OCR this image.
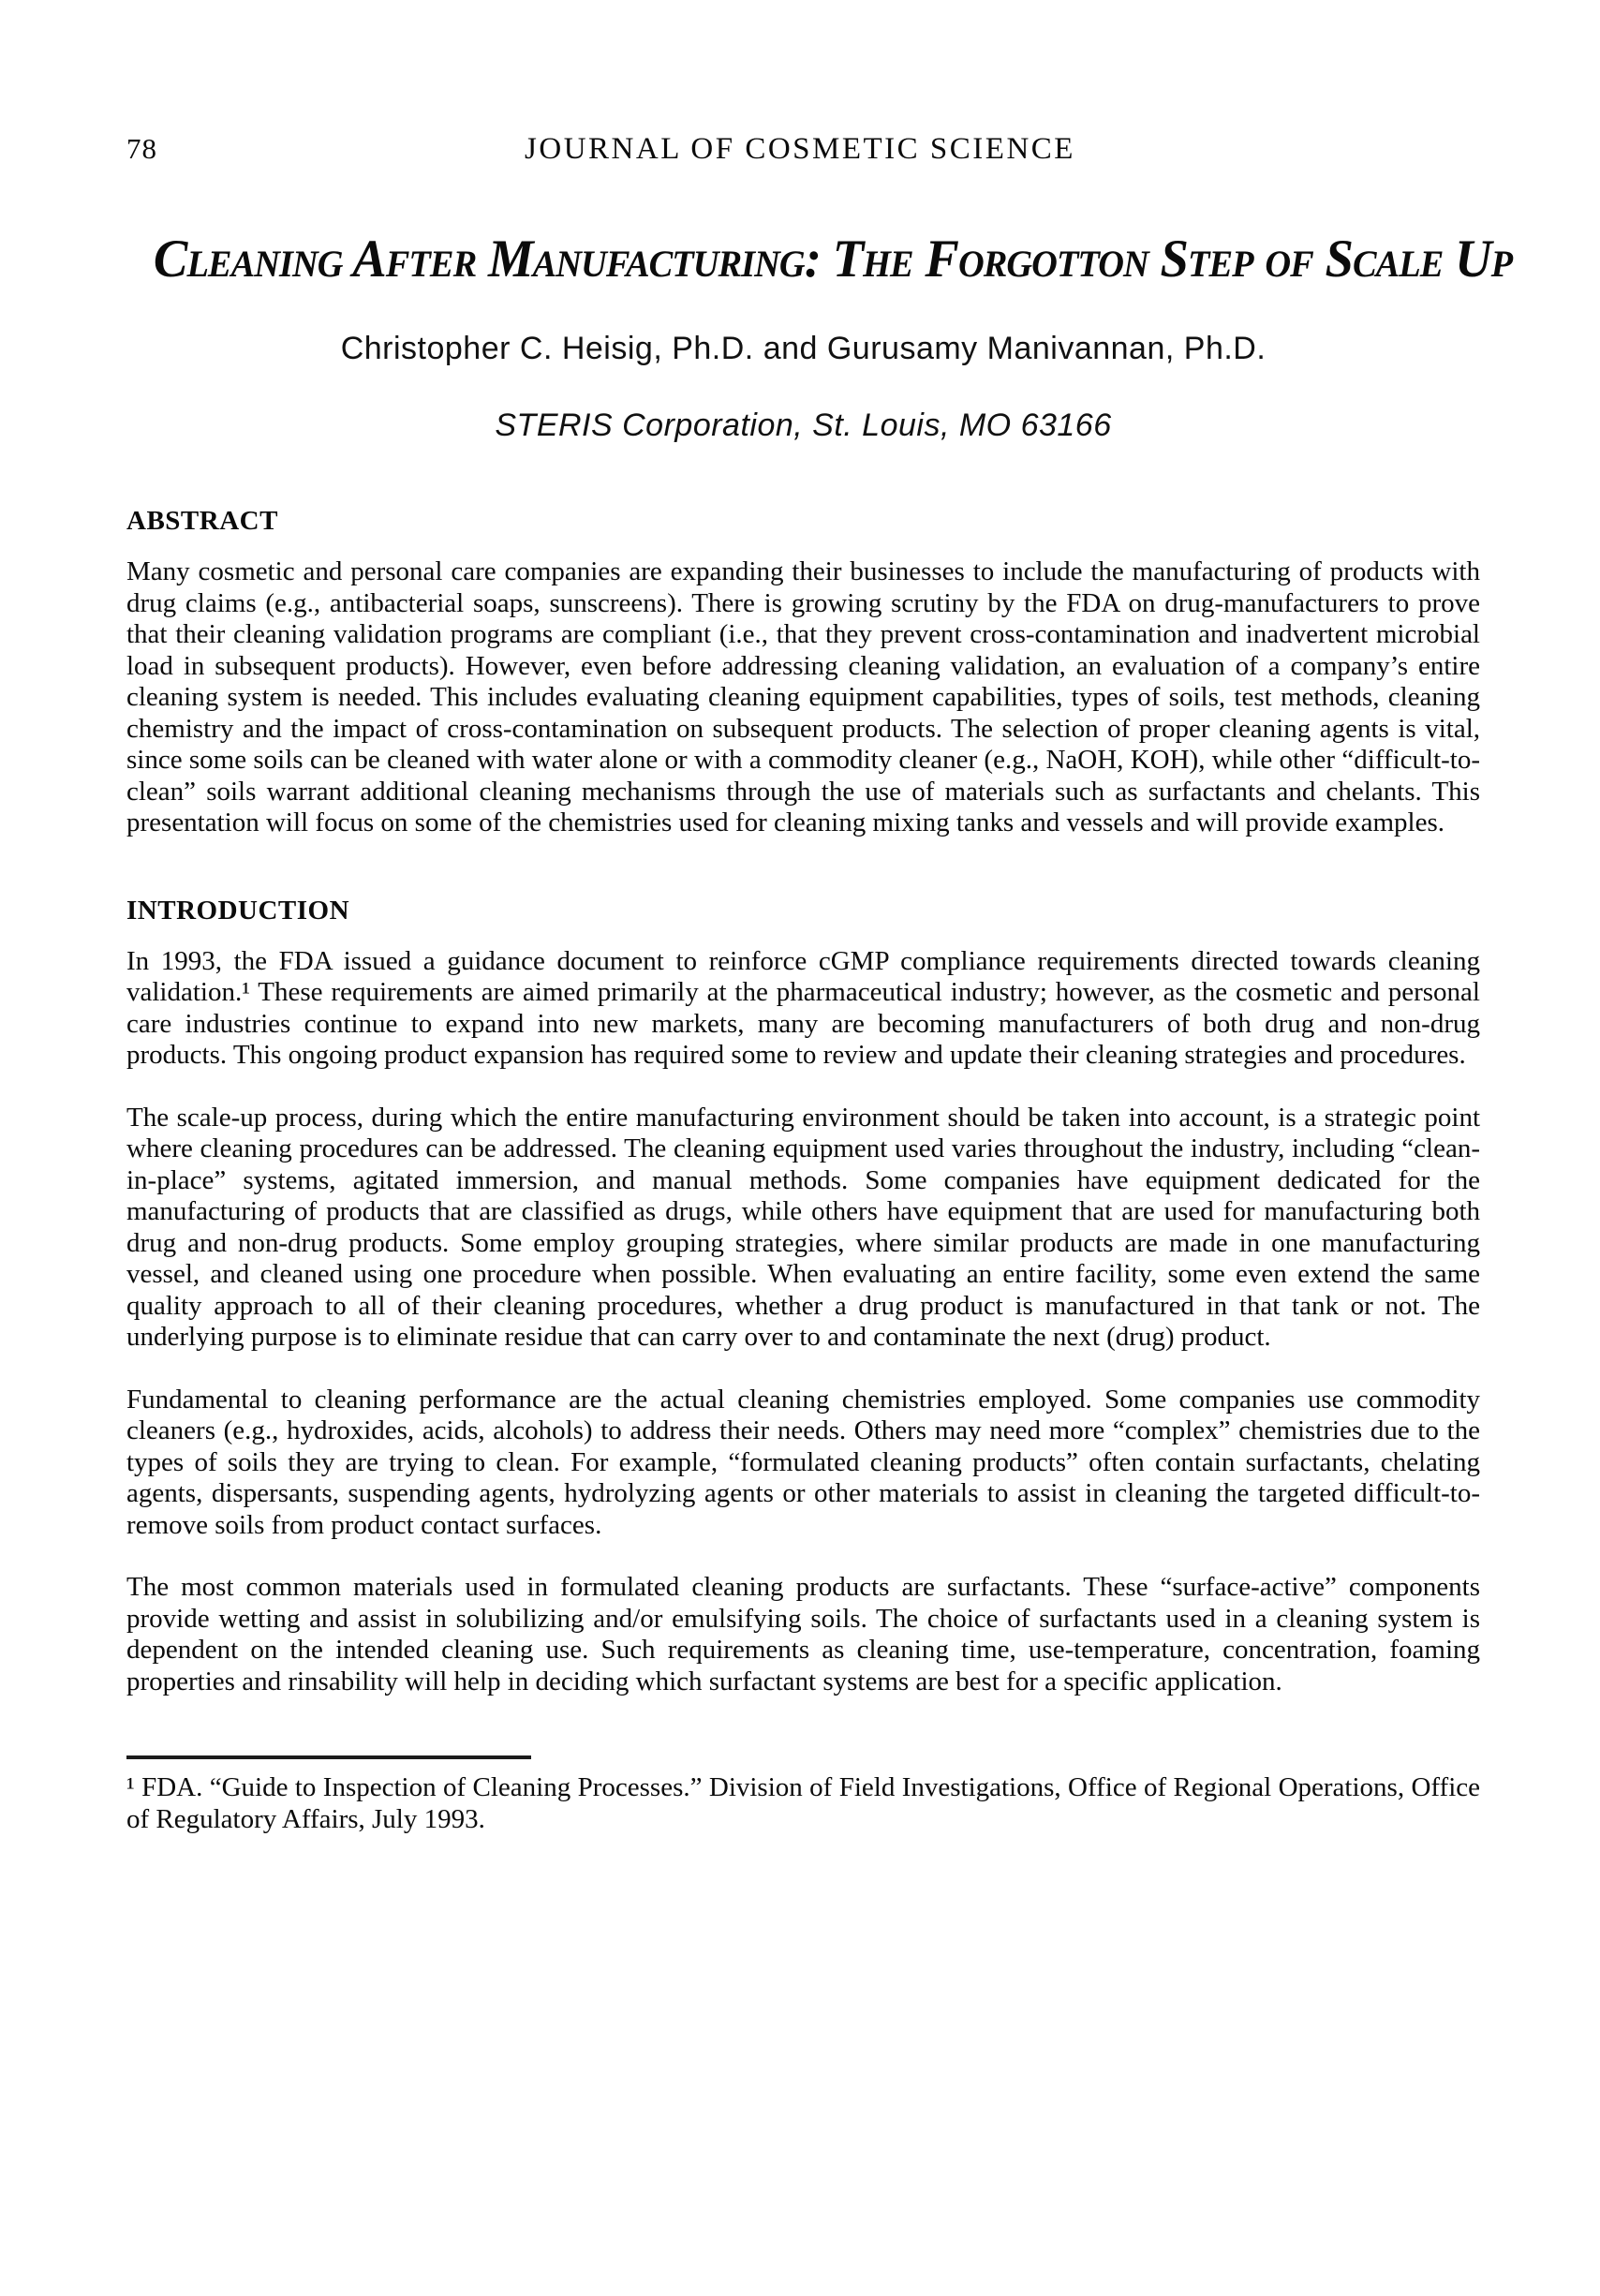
78	JOURNAL OF COSMETIC SCIENCE
Cleaning After Manufacturing: The Forgotton Step of Scale Up
Christopher C. Heisig, Ph.D. and Gurusamy Manivannan, Ph.D.
STERIS Corporation, St. Louis, MO 63166
ABSTRACT

Many cosmetic and personal care companies are expanding their businesses to include the manufacturing of products with drug claims (e.g., antibacterial soaps, sunscreens). There is growing scrutiny by the FDA on drug-manufacturers to prove that their cleaning validation programs are compliant (i.e., that they prevent cross-contamination and inadvertent microbial load in subsequent products). However, even before addressing cleaning validation, an evaluation of a company’s entire cleaning system is needed. This includes evaluating cleaning equipment capabilities, types of soils, test methods, cleaning chemistry and the impact of cross-contamination on subsequent products. The selection of proper cleaning agents is vital, since some soils can be cleaned with water alone or with a commodity cleaner (e.g., NaOH, KOH), while other “difficult-to-clean” soils warrant additional cleaning mechanisms through the use of materials such as surfactants and chelants. This presentation will focus on some of the chemistries used for cleaning mixing tanks and vessels and will provide examples.

INTRODUCTION

In 1993, the FDA issued a guidance document to reinforce cGMP compliance requirements directed towards cleaning validation.¹ These requirements are aimed primarily at the pharmaceutical industry; however, as the cosmetic and personal care industries continue to expand into new markets, many are becoming manufacturers of both drug and non-drug products. This ongoing product expansion has required some to review and update their cleaning strategies and procedures.

The scale-up process, during which the entire manufacturing environment should be taken into account, is a strategic point where cleaning procedures can be addressed. The cleaning equipment used varies throughout the industry, including “clean-in-place” systems, agitated immersion, and manual methods. Some companies have equipment dedicated for the manufacturing of products that are classified as drugs, while others have equipment that are used for manufacturing both drug and non-drug products. Some employ grouping strategies, where similar products are made in one manufacturing vessel, and cleaned using one procedure when possible. When evaluating an entire facility, some even extend the same quality approach to all of their cleaning procedures, whether a drug product is manufactured in that tank or not. The underlying purpose is to eliminate residue that can carry over to and contaminate the next (drug) product.

Fundamental to cleaning performance are the actual cleaning chemistries employed. Some companies use commodity cleaners (e.g., hydroxides, acids, alcohols) to address their needs. Others may need more “complex” chemistries due to the types of soils they are trying to clean. For example, “formulated cleaning products” often contain surfactants, chelating agents, dispersants, suspending agents, hydrolyzing agents or other materials to assist in cleaning the targeted difficult-to-remove soils from product contact surfaces.

The most common materials used in formulated cleaning products are surfactants. These “surface-active” components provide wetting and assist in solubilizing and/or emulsifying soils. The choice of surfactants used in a cleaning system is dependent on the intended cleaning use. Such requirements as cleaning time, use-temperature, concentration, foaming properties and rinsability will help in deciding which surfactant systems are best for a specific application.

¹ FDA. “Guide to Inspection of Cleaning Processes.” Division of Field Investigations, Office of Regional Operations, Office of Regulatory Affairs, July 1993.
